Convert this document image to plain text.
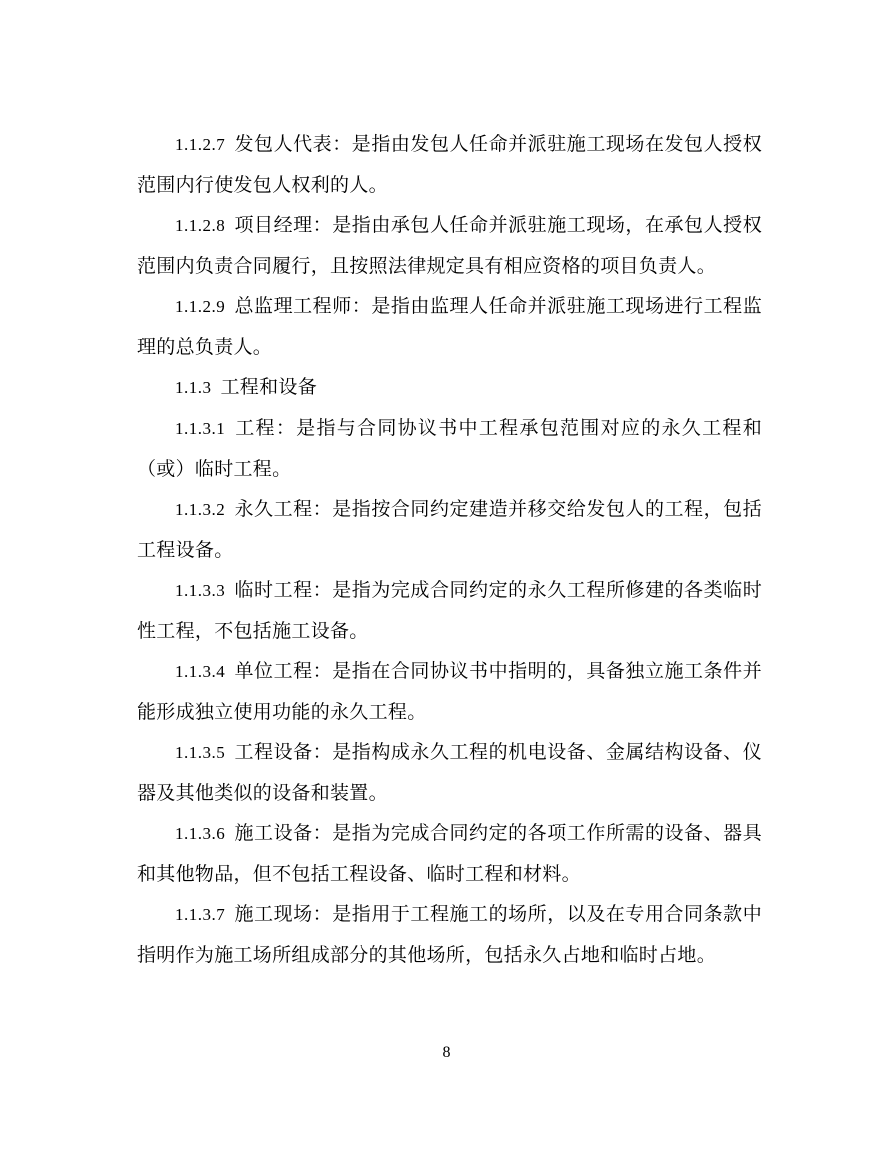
1.1.2.7 发包人代表：是指由发包人任命并派驻施工现场在发包人授权范围内行使发包人权利的人。

1.1.2.8 项目经理：是指由承包人任命并派驻施工现场，在承包人授权范围内负责合同履行，且按照法律规定具有相应资格的项目负责人。

1.1.2.9 总监理工程师：是指由监理人任命并派驻施工现场进行工程监理的总负责人。

1.1.3 工程和设备

1.1.3.1 工程：是指与合同协议书中工程承包范围对应的永久工程和（或）临时工程。

1.1.3.2 永久工程：是指按合同约定建造并移交给发包人的工程，包括工程设备。

1.1.3.3 临时工程：是指为完成合同约定的永久工程所修建的各类临时性工程，不包括施工设备。

1.1.3.4 单位工程：是指在合同协议书中指明的，具备独立施工条件并能形成独立使用功能的永久工程。

1.1.3.5 工程设备：是指构成永久工程的机电设备、金属结构设备、仪器及其他类似的设备和装置。

1.1.3.6 施工设备：是指为完成合同约定的各项工作所需的设备、器具和其他物品，但不包括工程设备、临时工程和材料。

1.1.3.7 施工现场：是指用于工程施工的场所，以及在专用合同条款中指明作为施工场所组成部分的其他场所，包括永久占地和临时占地。

8
